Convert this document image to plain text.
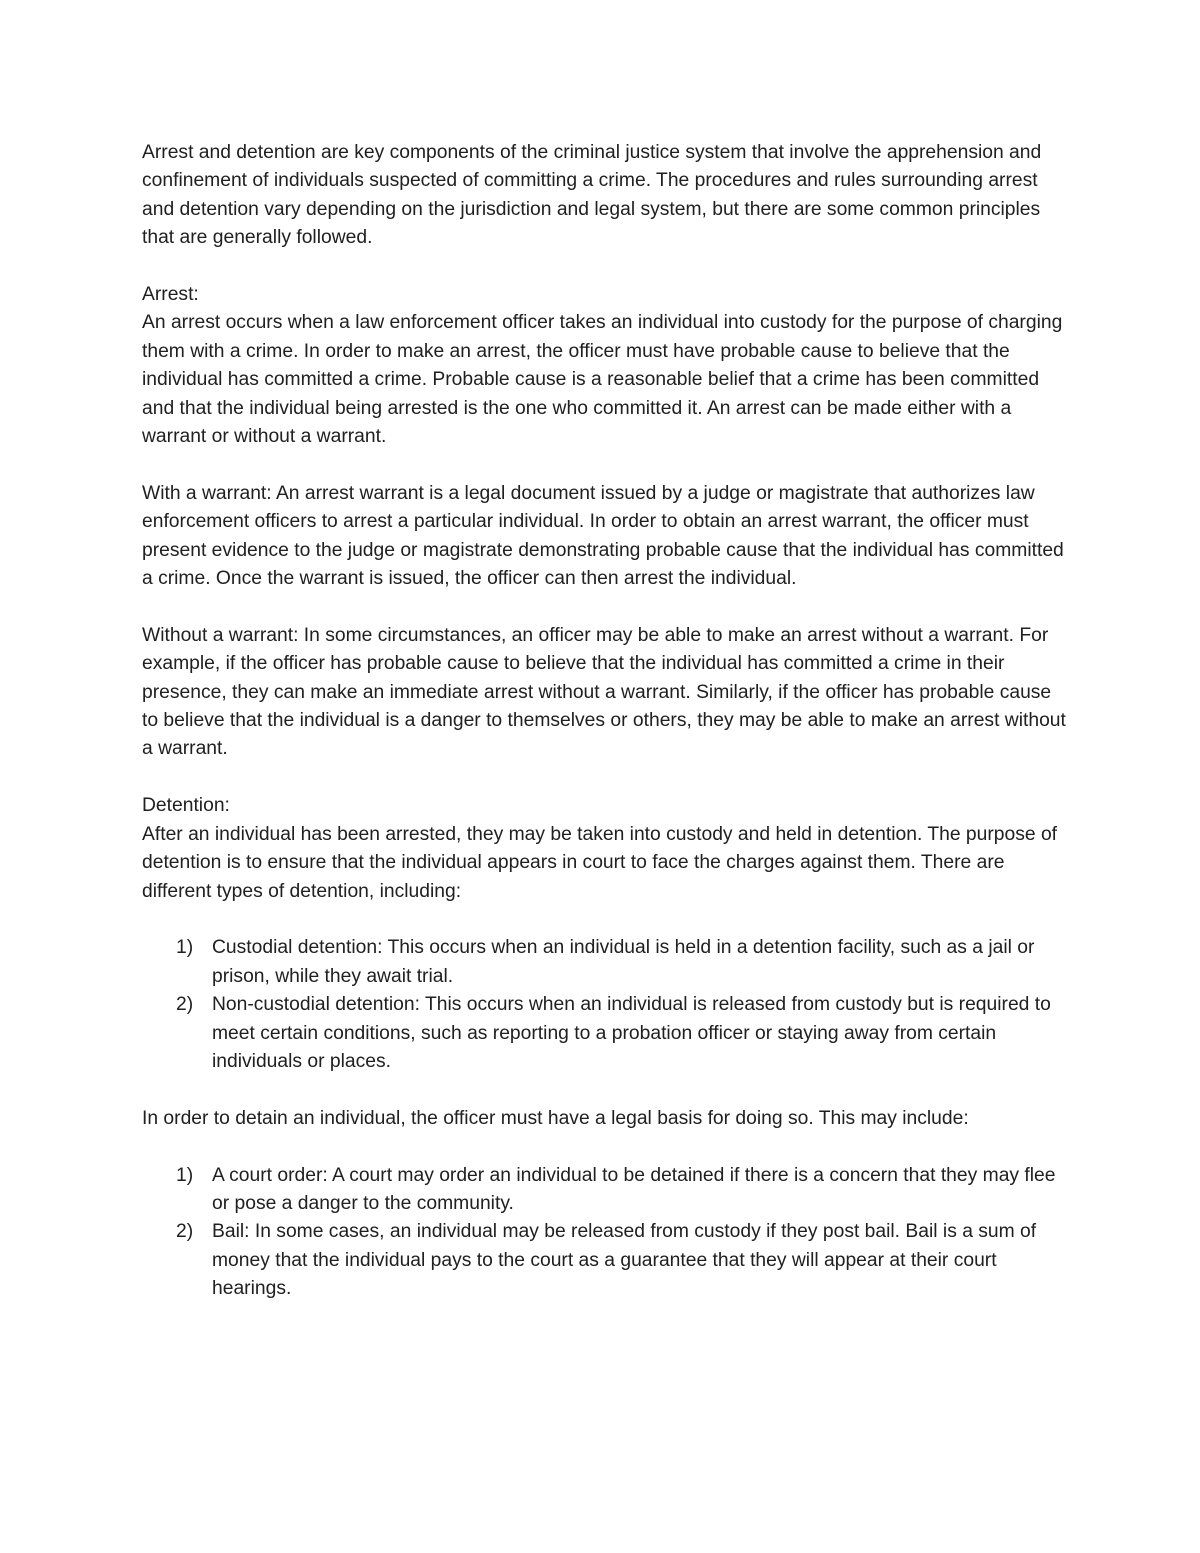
Arrest and detention are key components of the criminal justice system that involve the apprehension and confinement of individuals suspected of committing a crime. The procedures and rules surrounding arrest and detention vary depending on the jurisdiction and legal system, but there are some common principles that are generally followed.

Arrest:

An arrest occurs when a law enforcement officer takes an individual into custody for the purpose of charging them with a crime. In order to make an arrest, the officer must have probable cause to believe that the individual has committed a crime. Probable cause is a reasonable belief that a crime has been committed and that the individual being arrested is the one who committed it. An arrest can be made either with a warrant or without a warrant.

With a warrant: An arrest warrant is a legal document issued by a judge or magistrate that authorizes law enforcement officers to arrest a particular individual. In order to obtain an arrest warrant, the officer must present evidence to the judge or magistrate demonstrating probable cause that the individual has committed a crime. Once the warrant is issued, the officer can then arrest the individual.

Without a warrant: In some circumstances, an officer may be able to make an arrest without a warrant. For example, if the officer has probable cause to believe that the individual has committed a crime in their presence, they can make an immediate arrest without a warrant. Similarly, if the officer has probable cause to believe that the individual is a danger to themselves or others, they may be able to make an arrest without a warrant.

Detention:

After an individual has been arrested, they may be taken into custody and held in detention. The purpose of detention is to ensure that the individual appears in court to face the charges against them. There are different types of detention, including:

1) Custodial detention: This occurs when an individual is held in a detention facility, such as a jail or prison, while they await trial.
2) Non-custodial detention: This occurs when an individual is released from custody but is required to meet certain conditions, such as reporting to a probation officer or staying away from certain individuals or places.

In order to detain an individual, the officer must have a legal basis for doing so. This may include:

1) A court order: A court may order an individual to be detained if there is a concern that they may flee or pose a danger to the community.
2) Bail: In some cases, an individual may be released from custody if they post bail. Bail is a sum of money that the individual pays to the court as a guarantee that they will appear at their court hearings.
